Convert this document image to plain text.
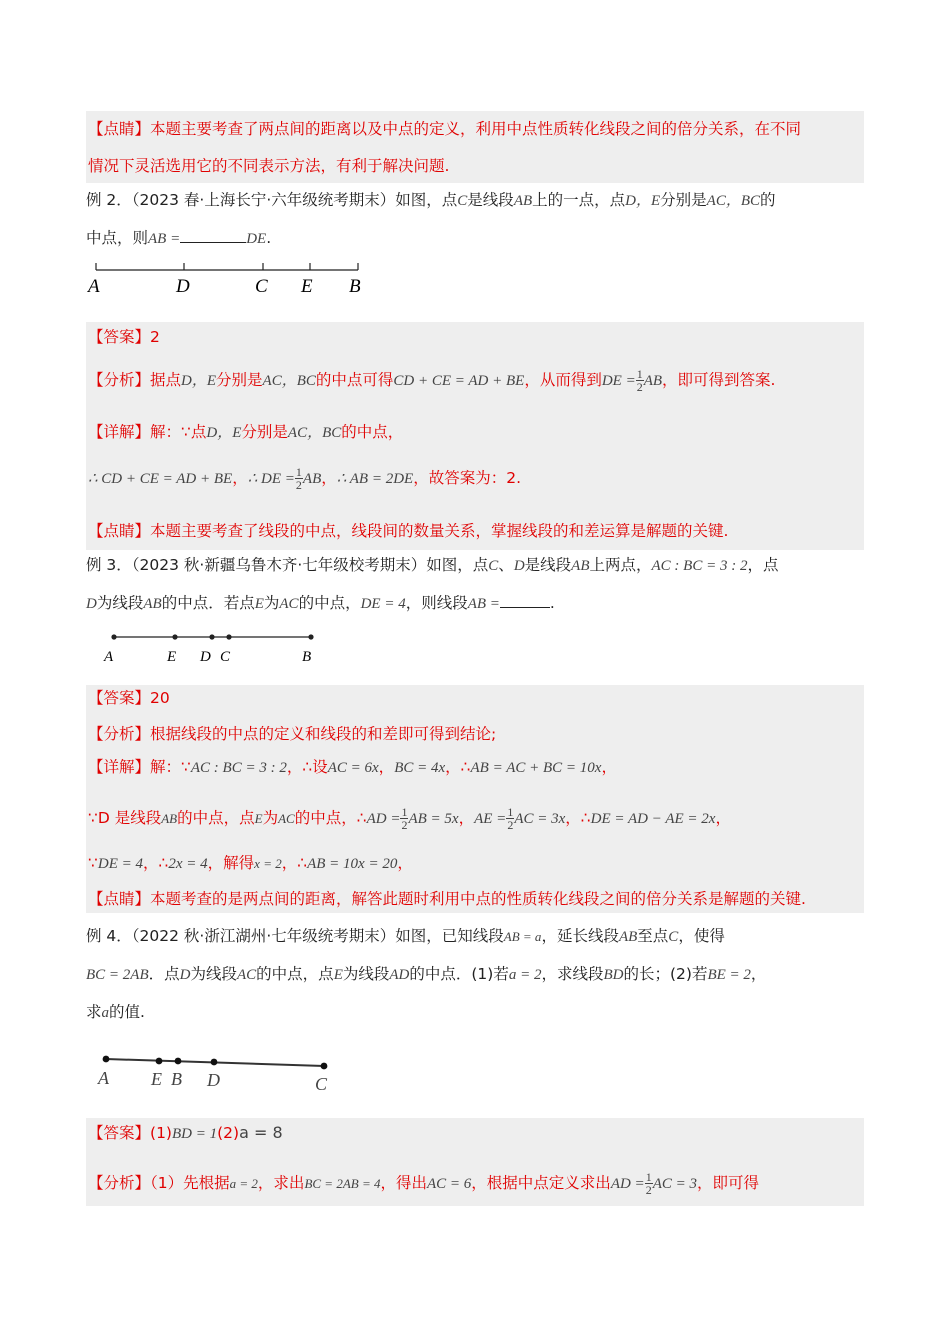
【点睛】本题主要考查了两点间的距离以及中点的定义，利用中点性质转化线段之间的倍分关系，在不同
情况下灵活选用它的不同表示方法，有利于解决问题.
例 2．（2023 春·上海长宁·六年级统考期末）如图，点C是线段AB上的一点，点D，E分别是AC，BC的
中点，则AB =	DE.
A	D	C E B
【答案】2
【分析】据点D，E分别是AC，BC的中点可得CD + CE = AD + BE，从而得到DE = $\frac{1}{2}$ AB，即可得到答案.
【详解】解：∵点D，E分别是AC，BC的中点，
∴ CD + CE = AD + BE，∴ DE = $\frac{1}{2}$ AB，∴ AB = 2DE，故答案为：2.
【点睛】本题主要考查了线段的中点，线段间的数量关系，掌握线段的和差运算是解题的关键.
例 3．（2023 秋·新疆乌鲁木齐·七年级校考期末）如图，点C、D是线段AB上两点，AC : BC = 3 : 2，点
D为线段AB的中点．若点E为AC的中点，DE = 4，则线段AB =	.
A	E D C	B
【答案】20
【分析】根据线段的中点的定义和线段的和差即可得到结论;
【详解】解：∵AC : BC = 3 : 2，∴设AC = 6x，BC = 4x，∴AB = AC + BC = 10x，
∵D 是线段AB的中点，点E为AC的中点，∴AD = $\frac{1}{2}$ AB = 5x，AE = $\frac{1}{2}$ AC = 3x，∴DE = AD − AE = 2x，
∵DE = 4，∴2x = 4，解得x = 2，∴AB = 10x = 20，
【点睛】本题考查的是两点间的距离，解答此题时利用中点的性质转化线段之间的倍分关系是解题的关键.
例 4．（2022 秋·浙江湖州·七年级统考期末）如图，已知线段AB = a，延长线段AB至点C，使得
BC = 2AB．点D为线段AC的中点，点E为线段AD的中点．(1)若a = 2，求线段BD的长；(2)若BE = 2，
求a的值.
A E B D	C
【答案】(1)BD = 1(2)a = 8
【分析】（1）先根据a = 2，求出BC = 2AB = 4，得出AC = 6，根据中点定义求出AD = $\frac{1}{2}$ AC = 3，即可得
